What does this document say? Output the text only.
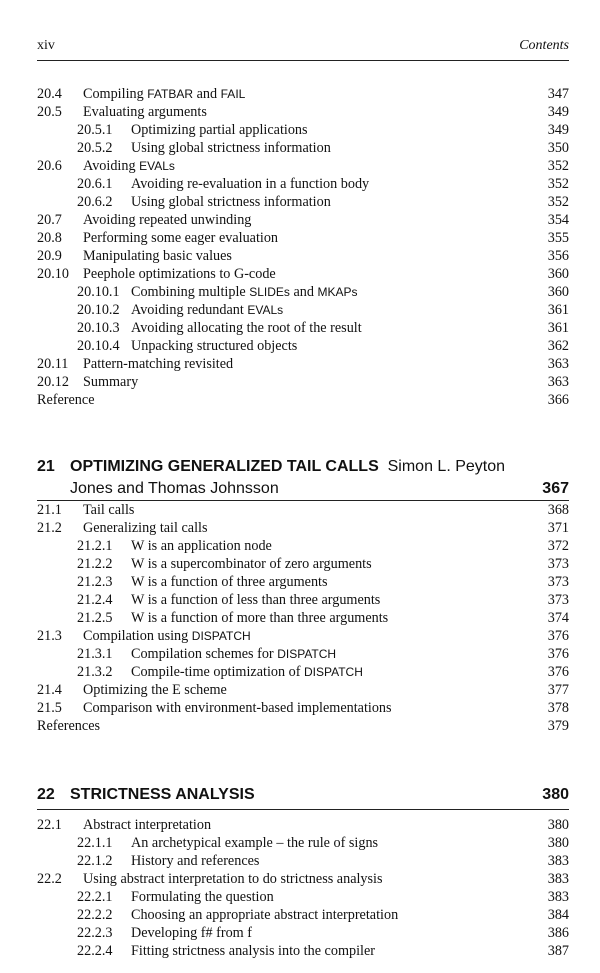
xiv	Contents
20.4 Compiling FATBAR and FAIL	347
20.5 Evaluating arguments	349
20.5.1 Optimizing partial applications	349
20.5.2 Using global strictness information	350
20.6 Avoiding EVALs	352
20.6.1 Avoiding re-evaluation in a function body	352
20.6.2 Using global strictness information	352
20.7 Avoiding repeated unwinding	354
20.8 Performing some eager evaluation	355
20.9 Manipulating basic values	356
20.10 Peephole optimizations to G-code	360
20.10.1 Combining multiple SLIDEs and MKAPs	360
20.10.2 Avoiding redundant EVALs	361
20.10.3 Avoiding allocating the root of the result	361
20.10.4 Unpacking structured objects	362
20.11 Pattern-matching revisited	363
20.12 Summary	363
Reference	366
21 OPTIMIZING GENERALIZED TAIL CALLS Simon L. Peyton
Jones and Thomas Johnsson	367
21.1 Tail calls	368
21.2 Generalizing tail calls	371
21.2.1 W is an application node	372
21.2.2 W is a supercombinator of zero arguments	373
21.2.3 W is a function of three arguments	373
21.2.4 W is a function of less than three arguments	373
21.2.5 W is a function of more than three arguments	374
21.3 Compilation using DISPATCH	376
21.3.1 Compilation schemes for DISPATCH	376
21.3.2 Compile-time optimization of DISPATCH	376
21.4 Optimizing the E scheme	377
21.5 Comparison with environment-based implementations	378
References	379
22 STRICTNESS ANALYSIS	380
22.1 Abstract interpretation	380
22.1.1 An archetypical example – the rule of signs	380
22.1.2 History and references	383
22.2 Using abstract interpretation to do strictness analysis	383
22.2.1 Formulating the question	383
22.2.2 Choosing an appropriate abstract interpretation	384
22.2.3 Developing f# from f	386
22.2.4 Fitting strictness analysis into the compiler	387
